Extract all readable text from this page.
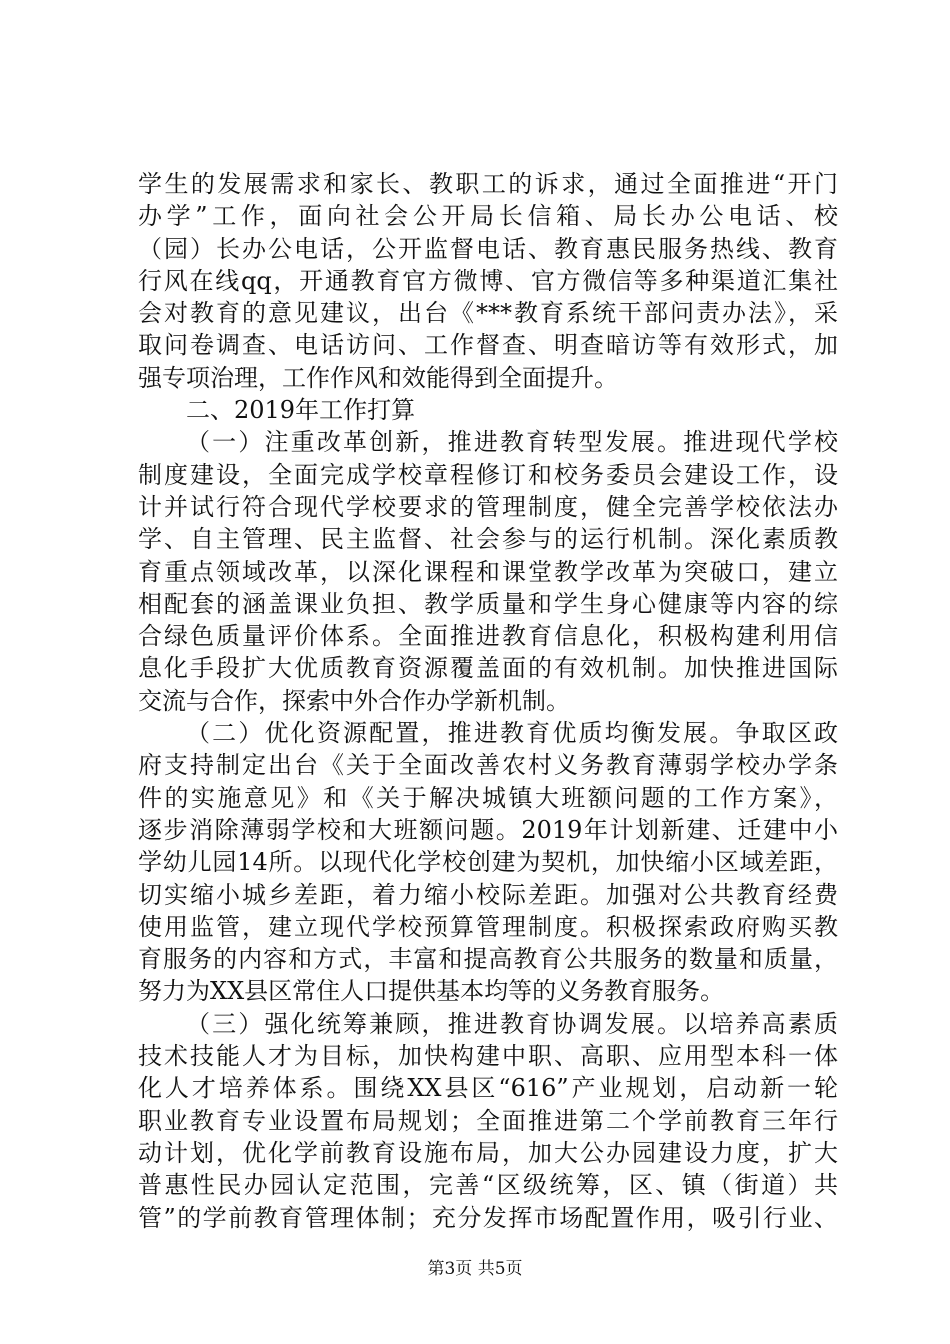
学生的发展需求和家长、教职工的诉求，通过全面推进“开门
办学”工作，面向社会公开局长信箱、局长办公电话、校
（园）长办公电话，公开监督电话、教育惠民服务热线、教育
行风在线qq，开通教育官方微博、官方微信等多种渠道汇集社
会对教育的意见建议，出台《***教育系统干部问责办法》，采
取问卷调查、电话访问、工作督查、明查暗访等有效形式，加
强专项治理，工作作风和效能得到全面提升。
二、2019年工作打算
（一）注重改革创新，推进教育转型发展。推进现代学校
制度建设，全面完成学校章程修订和校务委员会建设工作，设
计并试行符合现代学校要求的管理制度，健全完善学校依法办
学、自主管理、民主监督、社会参与的运行机制。深化素质教
育重点领域改革，以深化课程和课堂教学改革为突破口，建立
相配套的涵盖课业负担、教学质量和学生身心健康等内容的综
合绿色质量评价体系。全面推进教育信息化，积极构建利用信
息化手段扩大优质教育资源覆盖面的有效机制。加快推进国际
交流与合作，探索中外合作办学新机制。
（二）优化资源配置，推进教育优质均衡发展。争取区政
府支持制定出台《关于全面改善农村义务教育薄弱学校办学条
件的实施意见》和《关于解决城镇大班额问题的工作方案》，
逐步消除薄弱学校和大班额问题。2019年计划新建、迁建中小
学幼儿园14所。以现代化学校创建为契机，加快缩小区域差距，
切实缩小城乡差距，着力缩小校际差距。加强对公共教育经费
使用监管，建立现代学校预算管理制度。积极探索政府购买教
育服务的内容和方式，丰富和提高教育公共服务的数量和质量，
努力为XX县区常住人口提供基本均等的义务教育服务。
（三）强化统筹兼顾，推进教育协调发展。以培养高素质
技术技能人才为目标，加快构建中职、高职、应用型本科一体
化人才培养体系。围绕XX县区“616”产业规划，启动新一轮
职业教育专业设置布局规划；全面推进第二个学前教育三年行
动计划，优化学前教育设施布局，加大公办园建设力度，扩大
普惠性民办园认定范围，完善“区级统筹，区、镇（街道）共
管”的学前教育管理体制；充分发挥市场配置作用，吸引行业、
第3页 共5页
